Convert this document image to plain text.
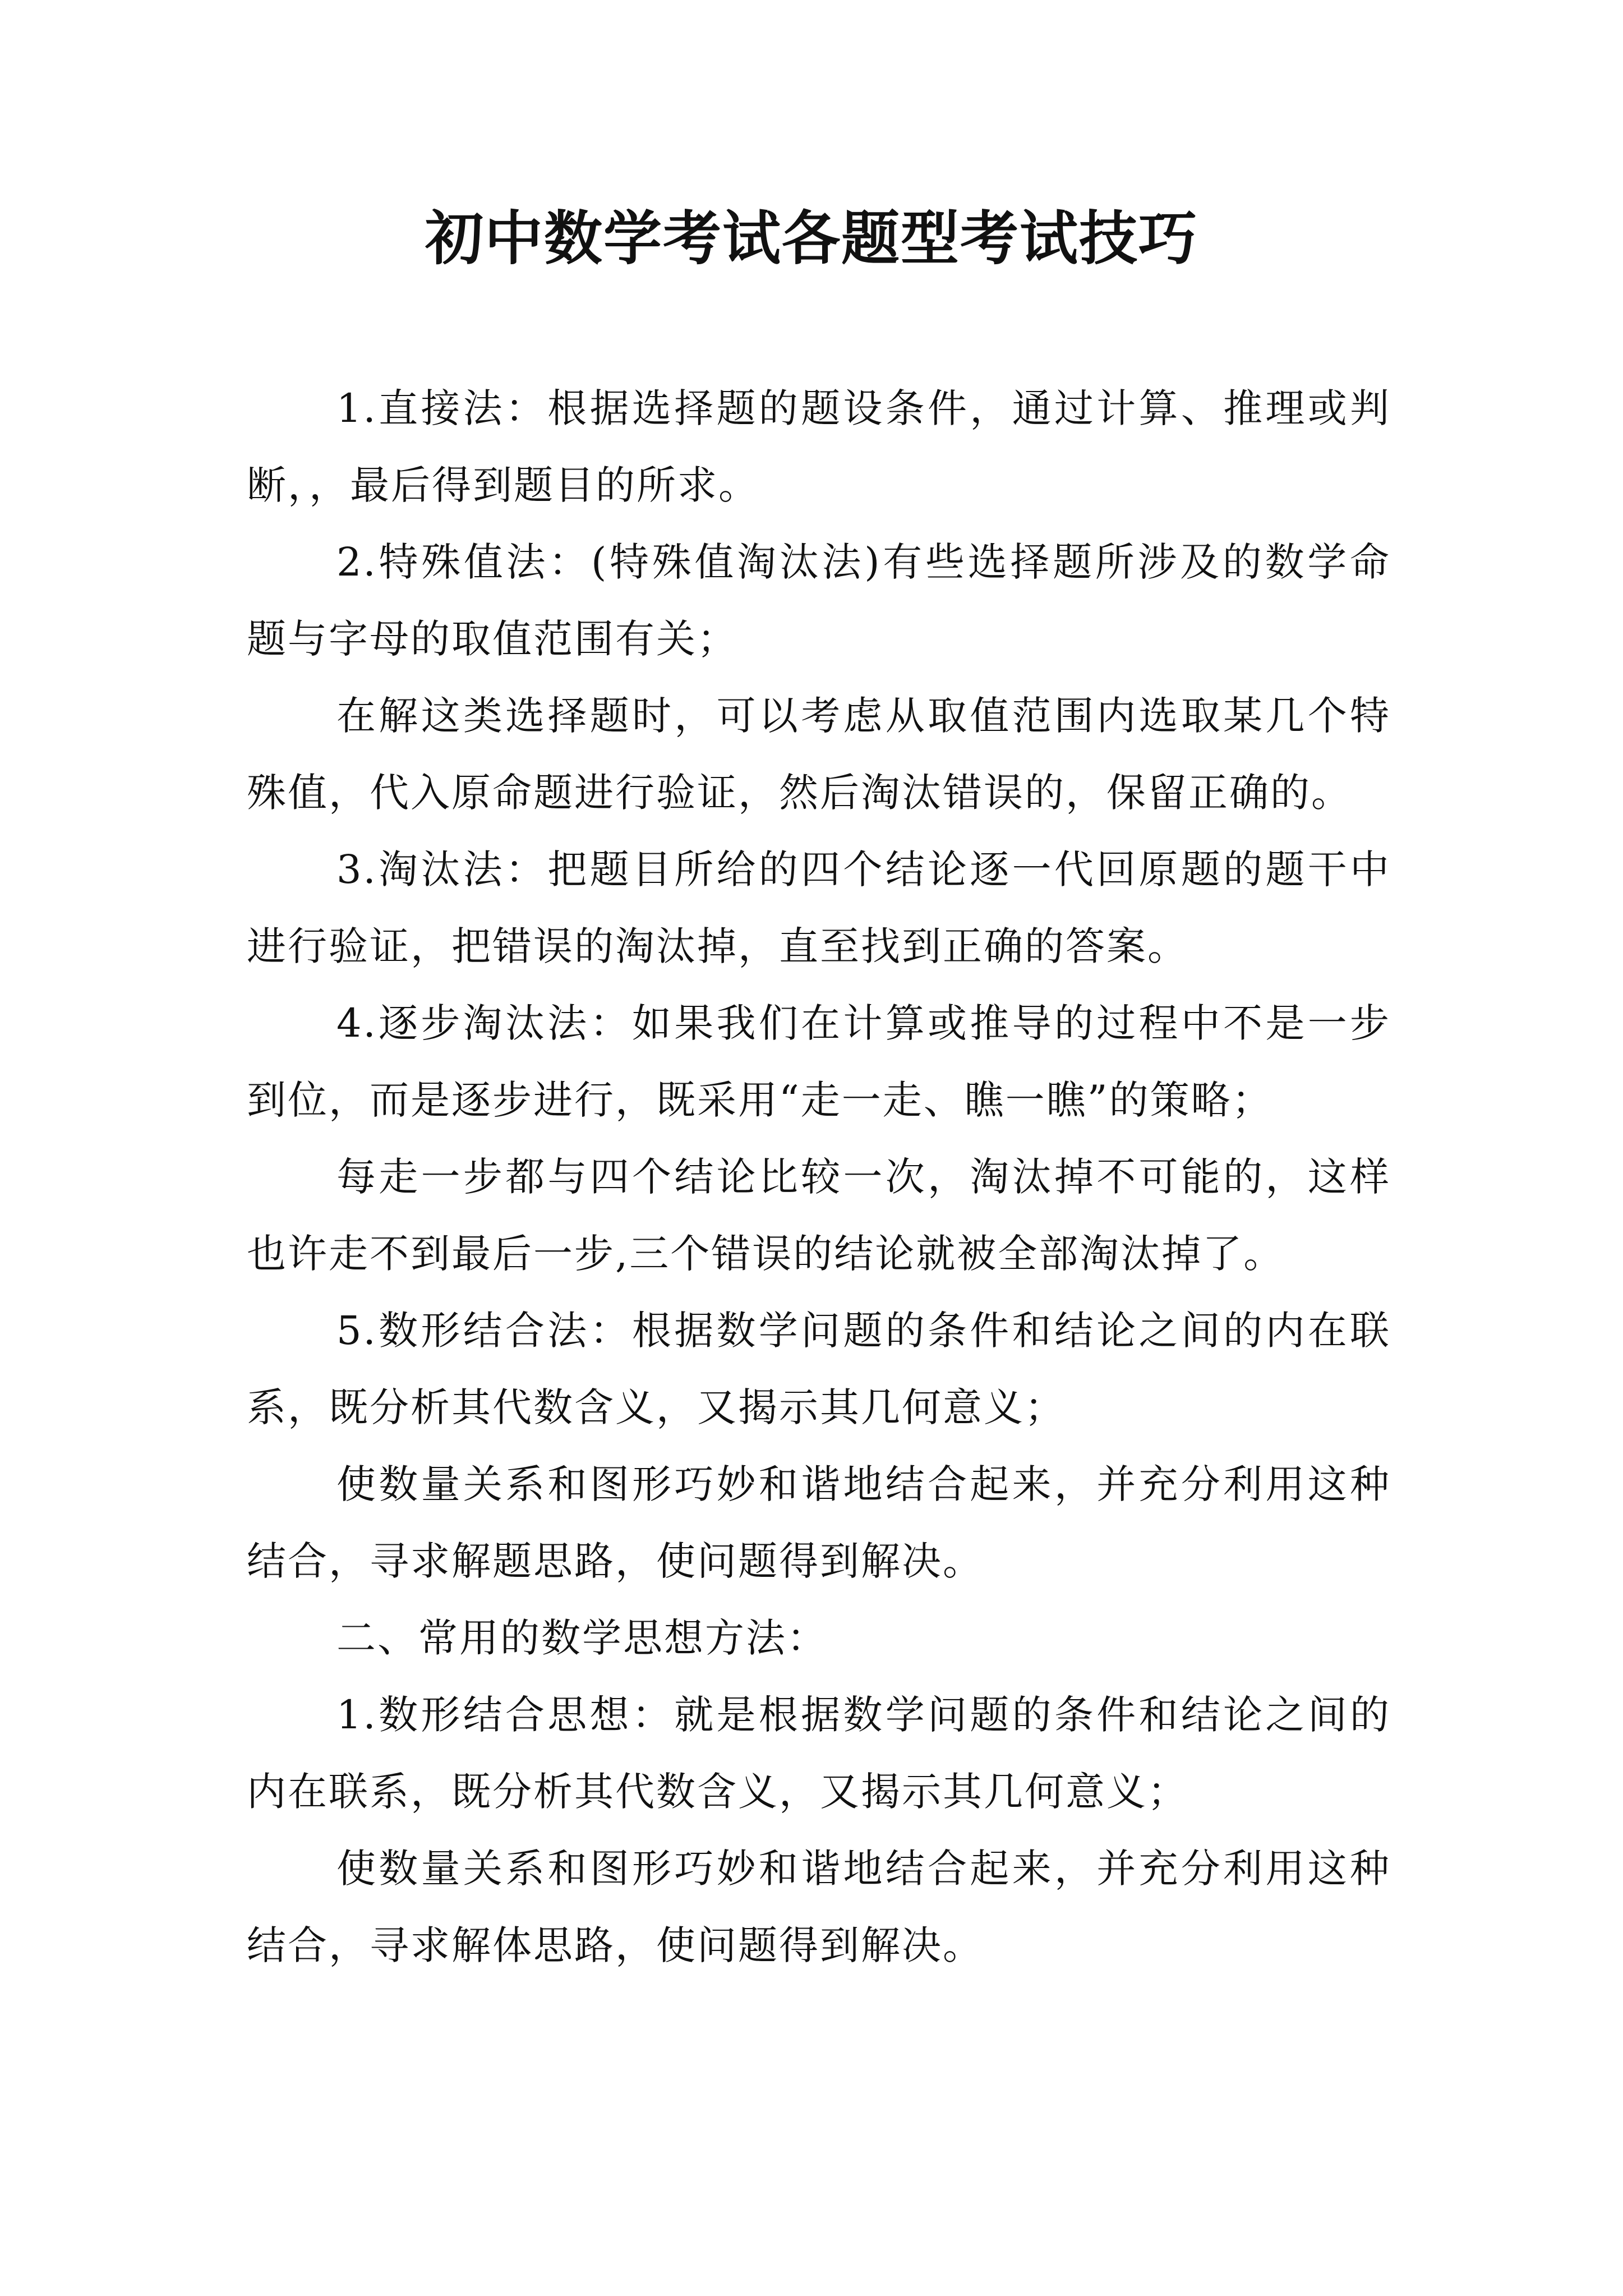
初中数学考试各题型考试技巧

1.直接法：根据选择题的题设条件，通过计算、推理或判断，，最后得到题目的所求。

2.特殊值法：(特殊值淘汰法)有些选择题所涉及的数学命题与字母的取值范围有关；

在解这类选择题时，可以考虑从取值范围内选取某几个特殊值，代入原命题进行验证，然后淘汰错误的，保留正确的。

3.淘汰法：把题目所给的四个结论逐一代回原题的题干中进行验证，把错误的淘汰掉，直至找到正确的答案。

4.逐步淘汰法：如果我们在计算或推导的过程中不是一步到位，而是逐步进行，既采用“走一走、瞧一瞧”的策略；

每走一步都与四个结论比较一次，淘汰掉不可能的，这样也许走不到最后一步,三个错误的结论就被全部淘汰掉了。

5.数形结合法：根据数学问题的条件和结论之间的内在联系，既分析其代数含义，又揭示其几何意义；

使数量关系和图形巧妙和谐地结合起来，并充分利用这种结合，寻求解题思路，使问题得到解决。

二、常用的数学思想方法：

1.数形结合思想：就是根据数学问题的条件和结论之间的内在联系，既分析其代数含义，又揭示其几何意义；

使数量关系和图形巧妙和谐地结合起来，并充分利用这种结合，寻求解体思路，使问题得到解决。
